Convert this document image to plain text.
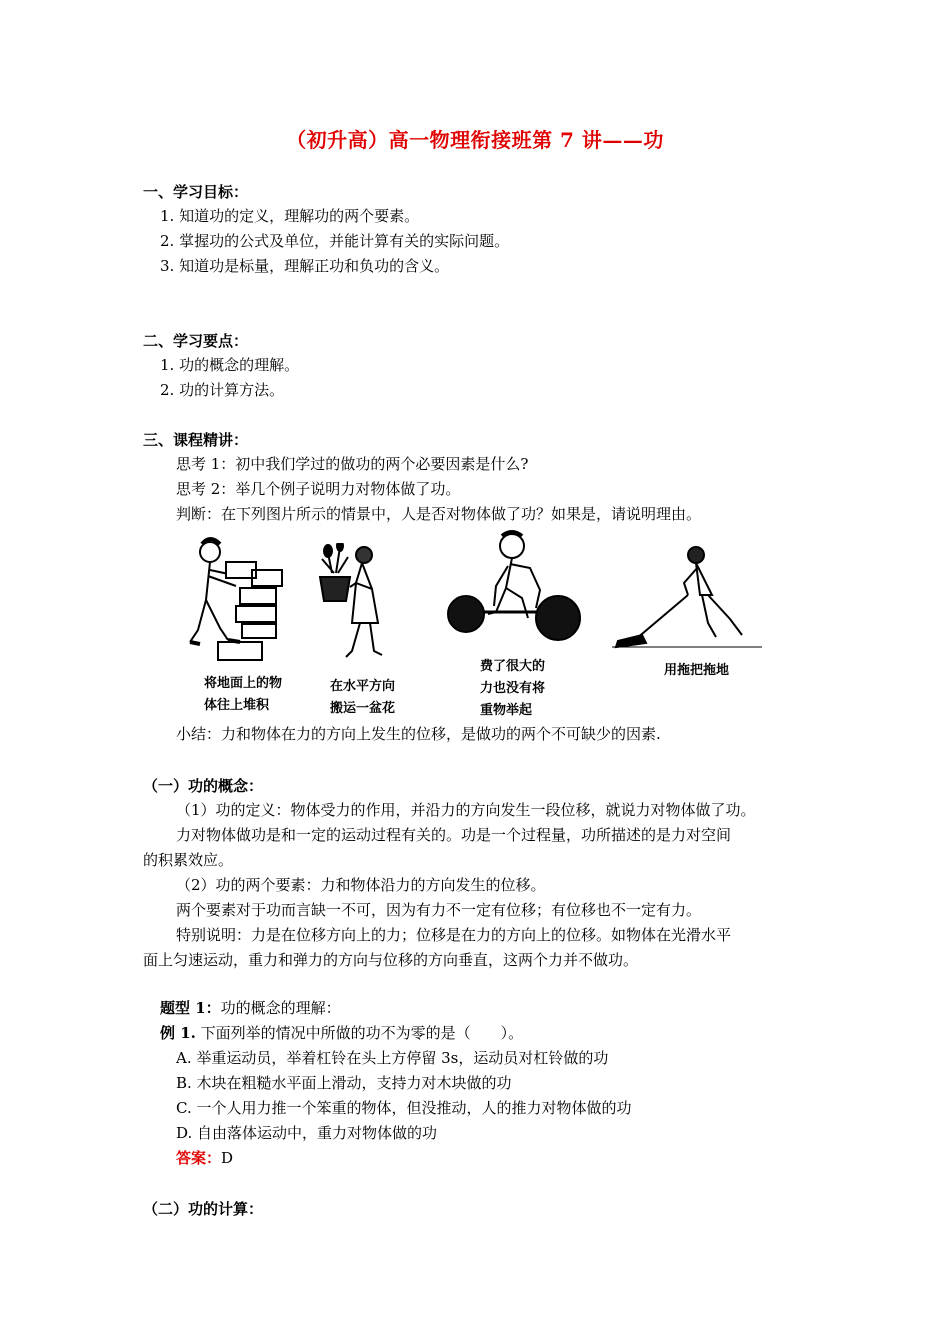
（初升高）高一物理衔接班第 7 讲——功
一、学习目标：
1. 知道功的定义，理解功的两个要素。
2. 掌握功的公式及单位，并能计算有关的实际问题。
3. 知道功是标量，理解正功和负功的含义。
二、学习要点：
1. 功的概念的理解。
2. 功的计算方法。
三、课程精讲：
思考 1：初中我们学过的做功的两个必要因素是什么?
思考 2：举几个例子说明力对物体做了功。
判断：在下列图片所示的情景中，人是否对物体做了功？如果是，请说明理由。
将地面上的物
体往上堆积
在水平方向
搬运一盆花
费了很大的
力也没有将
重物举起
用拖把拖地
小结：力和物体在力的方向上发生的位移，是做功的两个不可缺少的因素.
（一）功的概念：
（1）功的定义：物体受力的作用，并沿力的方向发生一段位移，就说力对物体做了功。
力对物体做功是和一定的运动过程有关的。功是一个过程量，功所描述的是力对空间
的积累效应。
（2）功的两个要素：力和物体沿力的方向发生的位移。
两个要素对于功而言缺一不可，因为有力不一定有位移；有位移也不一定有力。
特别说明：力是在位移方向上的力；位移是在力的方向上的位移。如物体在光滑水平
面上匀速运动，重力和弹力的方向与位移的方向垂直，这两个力并不做功。
题型 1：功的概念的理解：
例 1. 下面列举的情况中所做的功不为零的是（　　）。
A. 举重运动员，举着杠铃在头上方停留 3s，运动员对杠铃做的功
B. 木块在粗糙水平面上滑动，支持力对木块做的功
C. 一个人用力推一个笨重的物体，但没推动，人的推力对物体做的功
D. 自由落体运动中，重力对物体做的功
答案：D
（二）功的计算：
